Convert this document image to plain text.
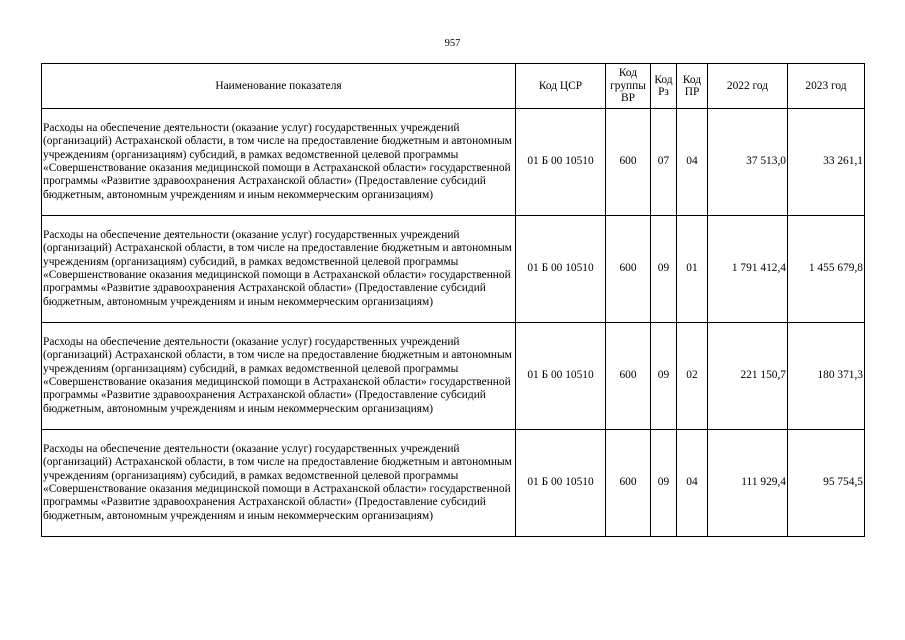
957
Наименование показателя	Код ЦСР	Код группы ВР	Код Рз	Код ПР	2022 год	2023 год
Расходы на обеспечение деятельности (оказание услуг) государственных учреждений (организаций) Астраханской области, в том числе на предоставление бюджетным и автономным учреждениям (организациям) субсидий, в рамках ведомственной целевой программы «Совершенствование оказания медицинской помощи в Астраханской области» государственной программы «Развитие здравоохранения Астраханской области» (Предоставление субсидий бюджетным, автономным учреждениям и иным некоммерческим организациям)	01 Б 00 10510	600	07	04	37 513,0	33 261,1
Расходы на обеспечение деятельности (оказание услуг) государственных учреждений (организаций) Астраханской области, в том числе на предоставление бюджетным и автономным учреждениям (организациям) субсидий, в рамках ведомственной целевой программы «Совершенствование оказания медицинской помощи в Астраханской области» государственной программы «Развитие здравоохранения Астраханской области» (Предоставление субсидий бюджетным, автономным учреждениям и иным некоммерческим организациям)	01 Б 00 10510	600	09	01	1 791 412,4	1 455 679,8
Расходы на обеспечение деятельности (оказание услуг) государственных учреждений (организаций) Астраханской области, в том числе на предоставление бюджетным и автономным учреждениям (организациям) субсидий, в рамках ведомственной целевой программы «Совершенствование оказания медицинской помощи в Астраханской области» государственной программы «Развитие здравоохранения Астраханской области» (Предоставление субсидий бюджетным, автономным учреждениям и иным некоммерческим организациям)	01 Б 00 10510	600	09	02	221 150,7	180 371,3
Расходы на обеспечение деятельности (оказание услуг) государственных учреждений (организаций) Астраханской области, в том числе на предоставление бюджетным и автономным учреждениям (организациям) субсидий, в рамках ведомственной целевой программы «Совершенствование оказания медицинской помощи в Астраханской области» государственной программы «Развитие здравоохранения Астраханской области» (Предоставление субсидий бюджетным, автономным учреждениям и иным некоммерческим организациям)	01 Б 00 10510	600	09	04	111 929,4	95 754,5
